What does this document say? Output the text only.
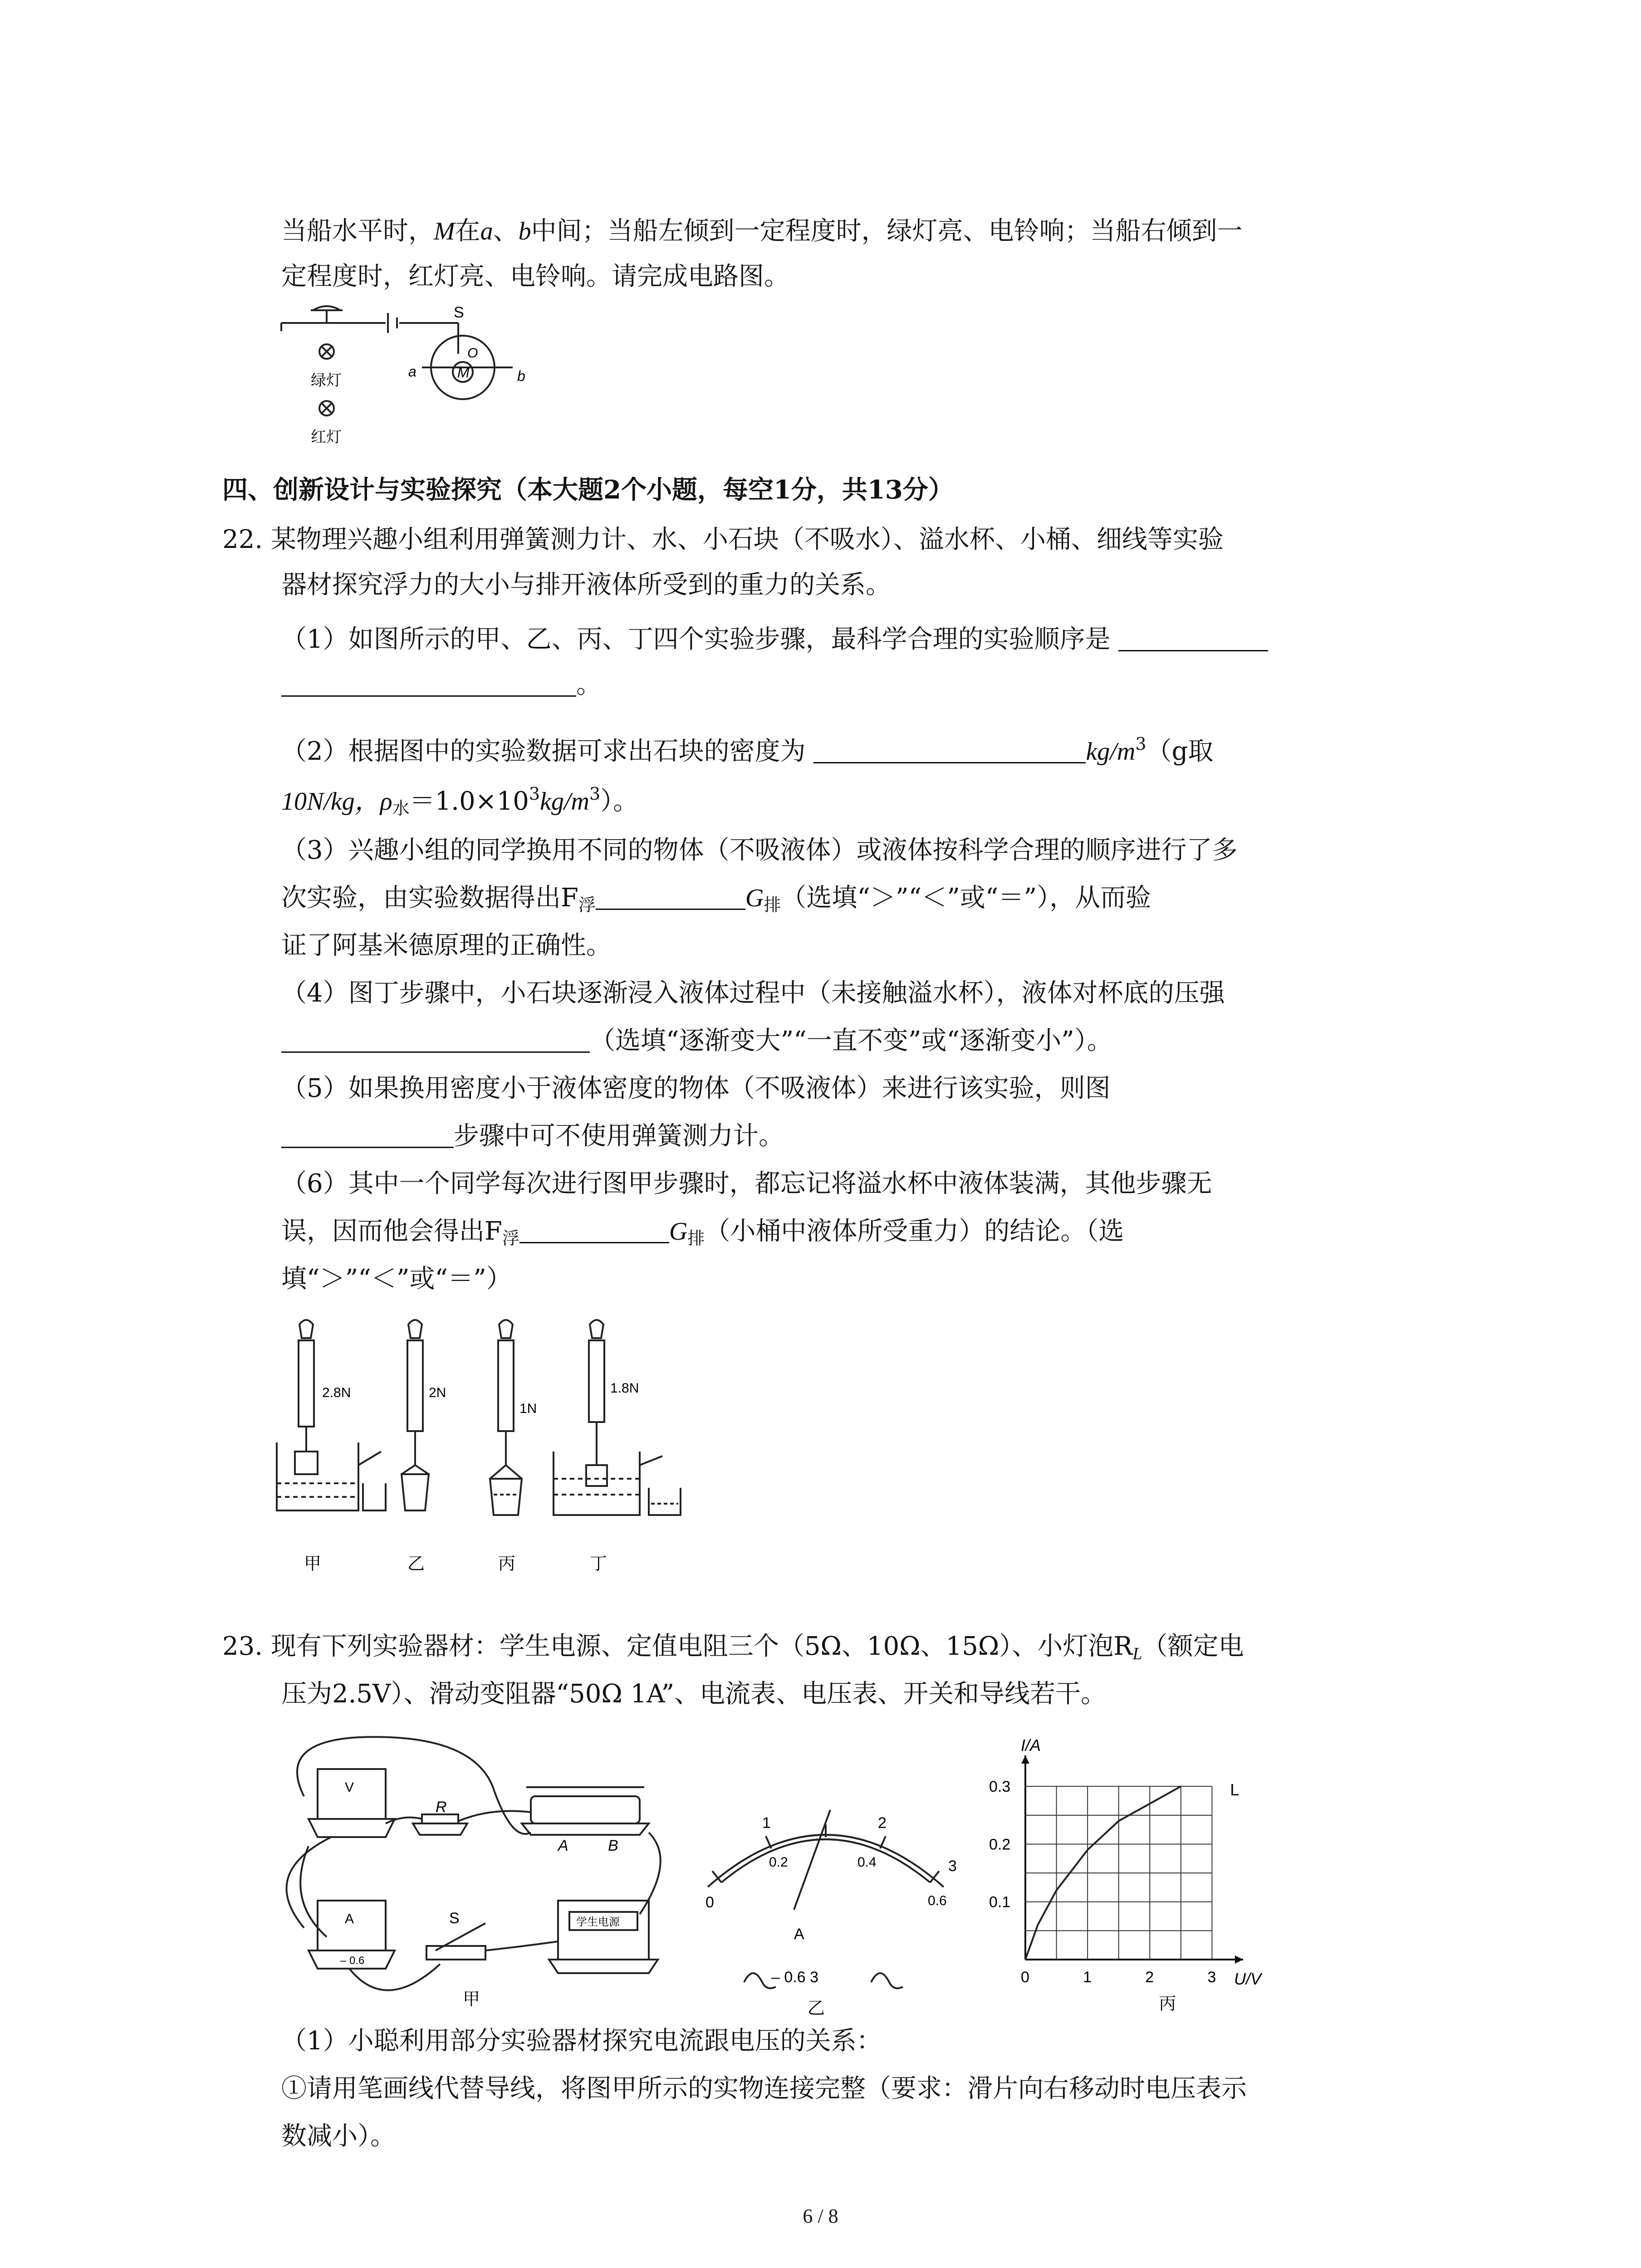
当船水平时，M在a、b中间；当船左倾到一定程度时，绿灯亮、电铃响；当船右倾到一
定程度时，红灯亮、电铃响。请完成电路图。
S
O
M
a	b
绿灯
红灯
四、创新设计与实验探究（本大题2个小题，每空1分，共13分）
22. 某物理兴趣小组利用弹簧测力计、水、小石块（不吸水）、溢水杯、小桶、细线等实验
器材探究浮力的大小与排开液体所受到的重力的关系。
（1）如图所示的甲、乙、丙、丁四个实验步骤，最科学合理的实验顺序是
。
（2）根据图中的实验数据可求出石块的密度为	$kg/m^3(g$取
10N/kg，$\rho_水=1.0\times 10^3kg/m^3$）。
（3）兴趣小组的同学换用不同的物体（不吸液体）或液体按科学合理的顺序进行了多
次实验，由实验数据得出$F_浮$	$G_排$（选填“＞”“＜”或“＝”），从而验
证了阿基米德原理的正确性。
（4）图丁步骤中，小石块逐渐浸入液体过程中（未接触溢水杯），液体对杯底的压强
（选填“逐渐变大”“一直不变”或“逐渐变小”）。
（5）如果换用密度小于液体密度的物体（不吸液体）来进行该实验，则图
步骤中可不使用弹簧测力计。
（6）其中一个同学每次进行图甲步骤时，都忘记将溢水杯中液体装满，其他步骤无
误，因而他会得出$F_浮$	$G_排$（小桶中液体所受重力）的结论。（选
填“＞”“＜”或“＝”）
2.8N	2N
1N
1.8N
甲	乙	丙	丁
23. 现有下列实验器材：学生电源、定值电阻三个（5Ω、10Ω、15Ω）、小灯泡$R_L$（额定电
压为2.5V）、滑动变阻器“50Ω 1A”、电流表、电压表、开关和导线若干。
V
A
– 0.6
R
A	B
S	学生电源
甲
0
1	2
3
0.2	0.4
0.6
A
– 0.6 3
乙
0	1	2	3
0.1
0.2
0.3
I/A
U/V
L
丙
（1）小聪利用部分实验器材探究电流跟电压的关系：
①请用笔画线代替导线，将图甲所示的实物连接完整（要求：滑片向右移动时电压表示
数减小）。
6 / 8
